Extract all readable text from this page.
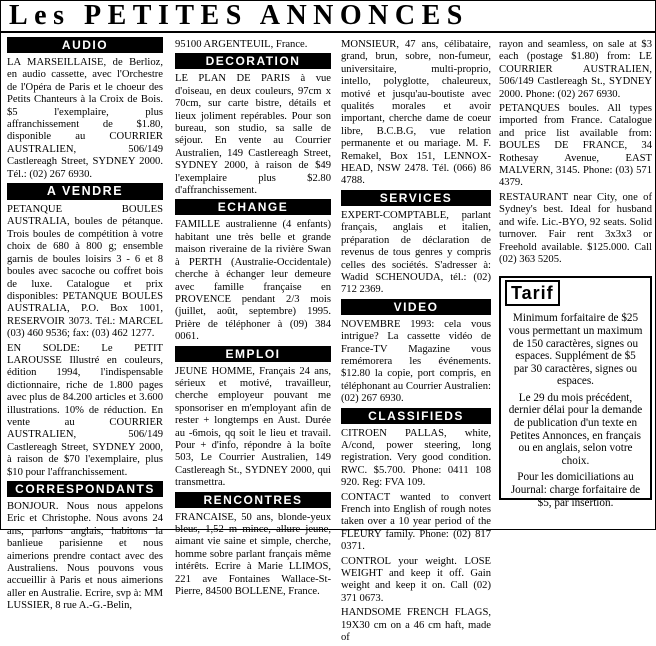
Les PETITES ANNONCES
AUDIO

LA MARSEILLAISE, de Berlioz, en audio cassette, avec l'Orchestre de l'Opéra de Paris et le choeur des Petits Chanteurs à la Croix de Bois. $5 l'exemplaire, plus affranchissement de $1.80, disponible au COURRIER AUSTRALIEN, 506/149 Castlereagh Street, SYDNEY 2000. Tél.: (02) 267 6930.

A VENDRE

PETANQUE BOULES AUSTRALIA, boules de pétanque. Trois boules de compétition à votre choix de 680 à 800 g; ensemble garnis de boules loisirs 3 - 6 et 8 boules avec sacoche ou coffret bois de luxe. Catalogue et prix disponibles: PETANQUE BOULES AUSTRALIA, P.O. Box 1001, RESERVOIR 3073. Tél.: MARCEL (03) 460 9536; fax: (03) 462 1277.

EN SOLDE: Le PETIT LAROUSSE Illustré en couleurs, édition 1994, l'indispensable dictionnaire, riche de 1.800 pages avec plus de 84.200 articles et 3.600 illustrations. 10% de réduction. En vente au COURRIER AUSTRALIEN, 506/149 Castlereagh Street, SYDNEY 2000, à raison de $70 l'exemplaire, plus $10 pour l'affranchissement.

CORRESPONDANTS

BONJOUR. Nous nous appelons Eric et Christophe. Nous avons 24 ans, parlons anglais, habitons la banlieue parisienne et nous aimerions prendre contact avec des Australiens. Nous pouvons vous accueillir à Paris et nous aimerions aller en Australie. Ecrire, svp à: MM LUSSIER, 8 rue A.-G.-Belin,

95100 ARGENTEUIL, France.

DECORATION

LE PLAN DE PARIS à vue d'oiseau, en deux couleurs, 97cm x 70cm, sur carte bistre, détails et lieux joliment repérables. Pour son bureau, son studio, sa salle de séjour. En vente au Courrier Australien, 149 Castlereagh Street, SYDNEY 2000, à raison de $49 l'exemplaire plus $2.80 d'affranchissement.

ECHANGE

FAMILLE australienne (4 enfants) habitant une très belle et grande maison riveraine de la rivière Swan à PERTH (Australie-Occidentale) cherche à échanger leur demeure avec famille française en PROVENCE pendant 2/3 mois (juillet, août, septembre) 1995. Prière de téléphoner à (09) 384 0061.

EMPLOI

JEUNE HOMME, Français 24 ans, sérieux et motivé, travailleur, cherche employeur pouvant me sponsoriser en m'employant afin de rester + longtemps en Aust. Durée au -6mois, qq soit le lieu et travail. Pour + d'info, répondre à la boîte 503, Le Courrier Australien, 149 Castlereagh St., SYDNEY 2000, qui transmettra.

RENCONTRES

FRANCAISE, 50 ans, blonde-yeux bleus, 1,52 m mince, allure jeune, aimant vie saine et simple, cherche, homme sobre parlant français même intérêts. Ecrire à Marie LLIMOS, 221 ave Fontaines Wallace-St-Pierre, 84500 BOLLENE, France.

MONSIEUR, 47 ans, célibataire, grand, brun, sobre, non-fumeur, universitaire, multi-proprio, intello, polyglotte, chaleureux, motivé et jusqu'au-boutiste avec qualités morales et avoir important, cherche dame de coeur libre, B.C.B.G, vue relation permanente et ou mariage. M. F. Remakel, Box 151, LENNOX-HEAD, NSW 2478. Tél. (066) 86 4788.

SERVICES

EXPERT-COMPTABLE, parlant français, anglais et italien, préparation de déclaration de revenus de tous genres y compris celles des sociétés. S'adresser à: Wadid SCHENOUDA, tél.: (02) 712 2369.

VIDEO

NOVEMBRE 1993: cela vous intrigue? La cassette vidéo de France-TV Magazine vous remémorera les événements. $12.80 la copie, port compris, en téléphonant au Courrier Australien: (02) 267 6930.

CLASSIFIEDS

CITROEN PALLAS, white, A/cond, power steering, long registration. Very good condition. RWC. $5.700. Phone: 0411 108 920. Reg: FVA 109.

CONTACT wanted to convert French into English of rough notes taken over a 10 year period of the FLEURY family. Phone: (02) 817 0371.

CONTROL your weight. LOSE WEIGHT and keep it off. Gain weight and keep it on. Call (02) 371 0673.

HANDSOME FRENCH FLAGS, 19X30 cm on a 46 cm haft, made of

rayon and seamless, on sale at $3 each (postage $1.80) from: LE COURRIER AUSTRALIEN, 506/149 Castlereagh St., SYDNEY 2000. Phone: (02) 267 6930.

PETANQUES boules. All types imported from France. Catalogue and price list available from: BOULES DE FRANCE, 34 Rothesay Avenue, EAST MALVERN, 3145. Phone: (03) 571 4379.

RESTAURANT near City, one of Sydney's best. Ideal for husband and wife. Lic.-BYO, 92 seats. Solid turnover. Fair rent 3x3x3 or Freehold available. $125.000. Call (02) 363 5205.

Tarif

Minimum forfaitaire de $25 vous permettant un maximum de 150 caractères, signes ou espaces. Supplément de $5 par 30 caractères, signes ou espaces.

Le 29 du mois précédent, dernier délai pour la demande de publication d'un texte en Petites Annonces, en français ou en anglais, selon votre choix.

Pour les domiciliations au Journal: charge forfaitaire de $5, par insertion.
